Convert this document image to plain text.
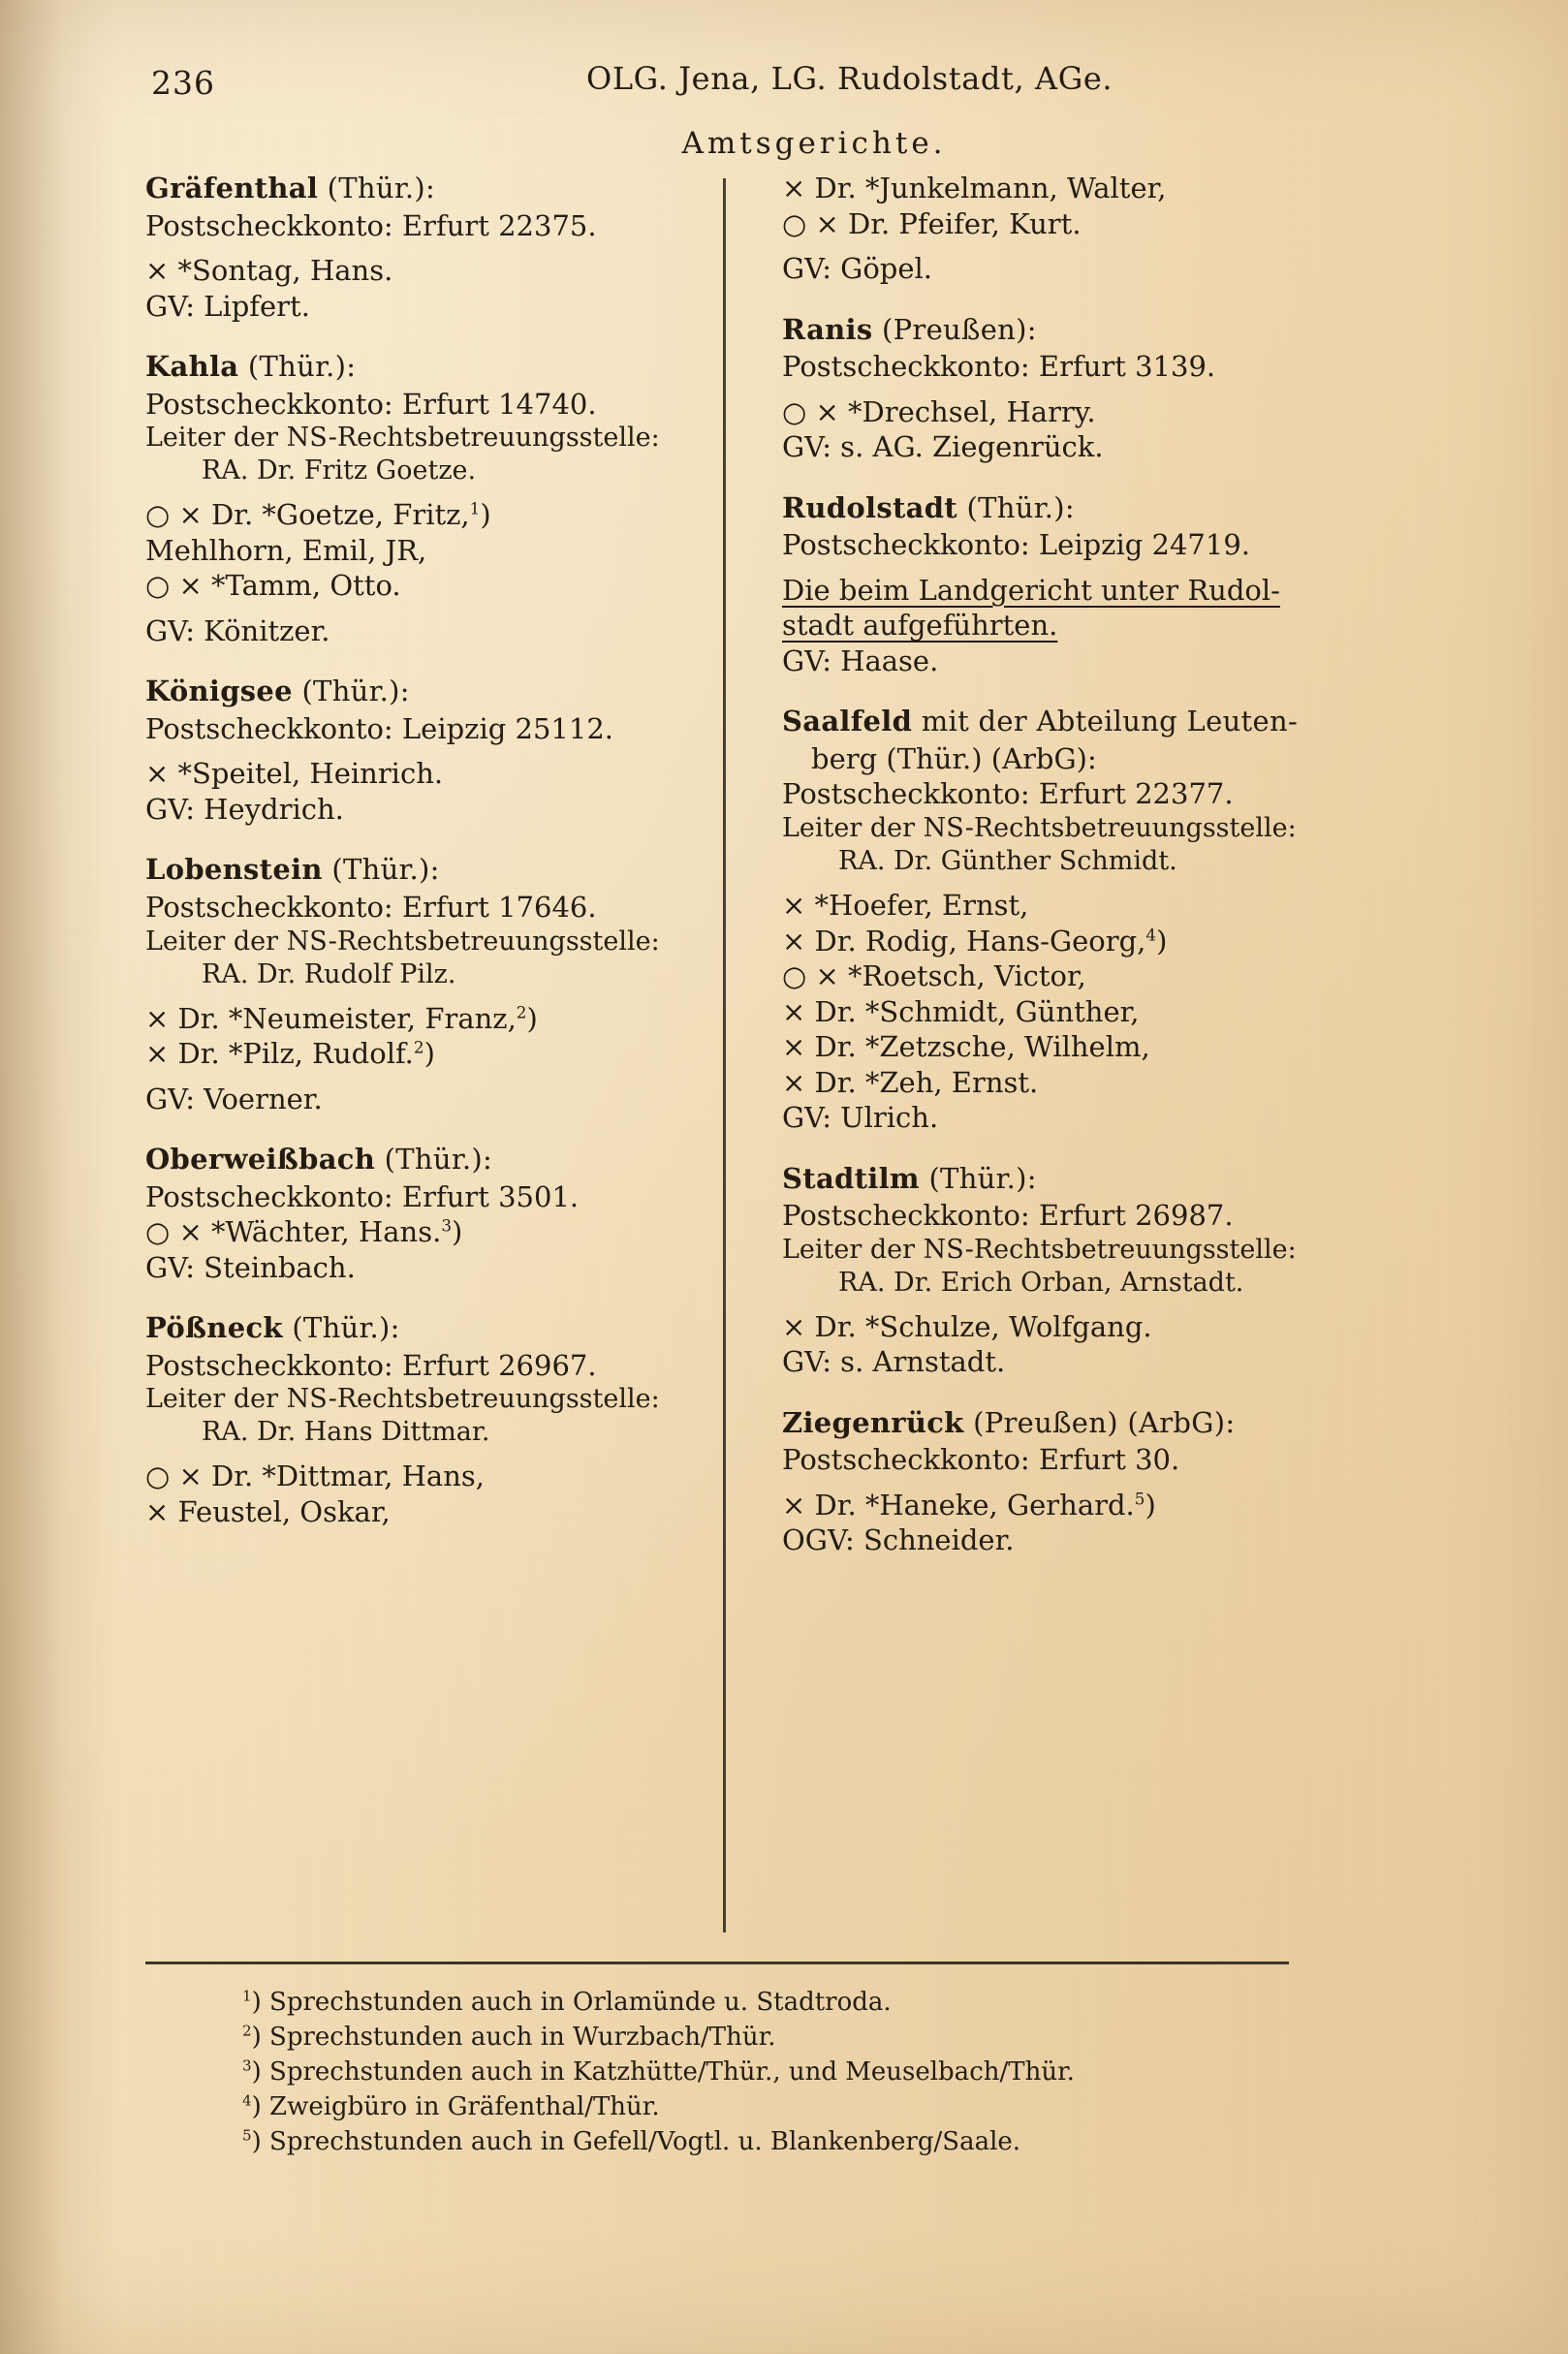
236	OLG. Jena, LG. Rudolstadt, AGe.
Amtsgerichte.
Gräfenthal (Thür.):
Postscheckkonto: Erfurt 22375.
× *Sontag, Hans.
GV: Lipfert.
Kahla (Thür.):
Postscheckkonto: Erfurt 14740.
Leiter der NS-Rechtsbetreuungsstelle:
RA. Dr. Fritz Goetze.
○ × Dr. *Goetze, Fritz,$^1$)
Mehlhorn, Emil, JR,
○ × *Tamm, Otto.
GV: Könitzer.
Königsee (Thür.):
Postscheckkonto: Leipzig 25112.
× *Speitel, Heinrich.
GV: Heydrich.
Lobenstein (Thür.):
Postscheckkonto: Erfurt 17646.
Leiter der NS-Rechtsbetreuungsstelle:
RA. Dr. Rudolf Pilz.
× Dr. *Neumeister, Franz,$^2$)
× Dr. *Pilz, Rudolf.$^2$)
GV: Voerner.
Oberweißbach (Thür.):
Postscheckkonto: Erfurt 3501.
○ × *Wächter, Hans.$^3$)
GV: Steinbach.
Pößneck (Thür.):
Postscheckkonto: Erfurt 26967.
Leiter der NS-Rechtsbetreuungsstelle:
RA. Dr. Hans Dittmar.
○ × Dr. *Dittmar, Hans,
× Feustel, Oskar,
× Dr. *Junkelmann, Walter,
○ × Dr. Pfeifer, Kurt.
GV: Göpel.
Ranis (Preußen):
Postscheckkonto: Erfurt 3139.
○ × *Drechsel, Harry.
GV: s. AG. Ziegenrück.
Rudolstadt (Thür.):
Postscheckkonto: Leipzig 24719.
Die beim Landgericht unter Rudol-
stadt aufgeführten.
GV: Haase.
Saalfeld mit der Abteilung Leuten-
berg (Thür.) (ArbG):
Postscheckkonto: Erfurt 22377.
Leiter der NS-Rechtsbetreuungsstelle:
RA. Dr. Günther Schmidt.
× *Hoefer, Ernst,
× Dr. Rodig, Hans-Georg,$^4$)
○ × *Roetsch, Victor,
× Dr. *Schmidt, Günther,
× Dr. *Zetzsche, Wilhelm,
× Dr. *Zeh, Ernst.
GV: Ulrich.
Stadtilm (Thür.):
Postscheckkonto: Erfurt 26987.
Leiter der NS-Rechtsbetreuungsstelle:
RA. Dr. Erich Orban, Arnstadt.
× Dr. *Schulze, Wolfgang.
GV: s. Arnstadt.
Ziegenrück (Preußen) (ArbG):
Postscheckkonto: Erfurt 30.
× Dr. *Haneke, Gerhard.$^5$)
OGV: Schneider.
$^1$) Sprechstunden auch in Orlamünde u. Stadtroda.
$^2$) Sprechstunden auch in Wurzbach/Thür.
$^3$) Sprechstunden auch in Katzhütte/Thür., und Meuselbach/Thür.
$^4$) Zweigbüro in Gräfenthal/Thür.
$^5$) Sprechstunden auch in Gefell/Vogtl. u. Blankenberg/Saale.
